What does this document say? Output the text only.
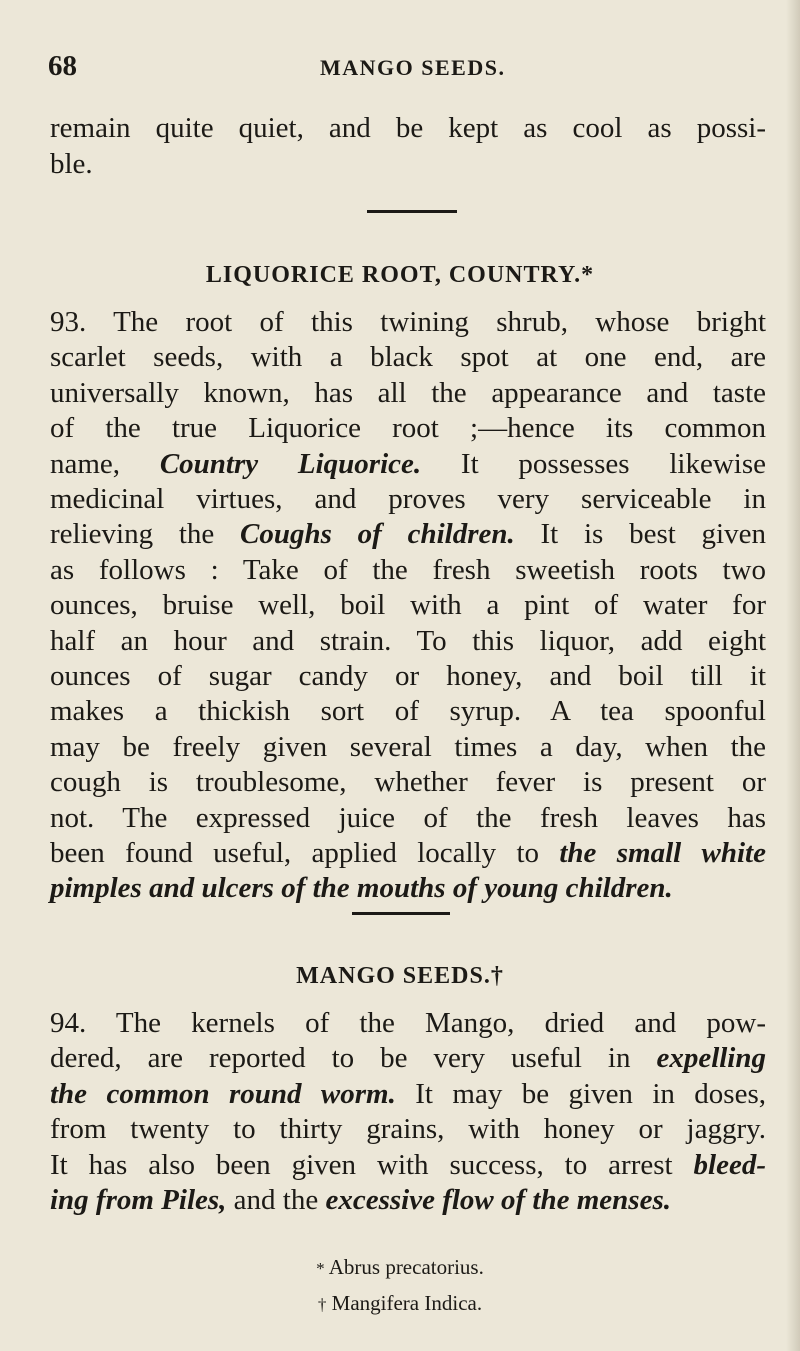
68	MANGO SEEDS.
remain quite quiet, and be kept as cool as possi-
ble.
LIQUORICE ROOT, COUNTRY.*
93. The root of this twining shrub, whose bright
scarlet seeds, with a black spot at one end, are
universally known, has all the appearance and taste
of the true Liquorice root ;—hence its common
name, Country Liquorice. It possesses likewise
medicinal virtues, and proves very serviceable in
relieving the Coughs of children. It is best given
as follows : Take of the fresh sweetish roots two
ounces, bruise well, boil with a pint of water for
half an hour and strain. To this liquor, add eight
ounces of sugar candy or honey, and boil till it
makes a thickish sort of syrup. A tea spoonful
may be freely given several times a day, when the
cough is troublesome, whether fever is present or
not. The expressed juice of the fresh leaves has
been found useful, applied locally to the small white
pimples and ulcers of the mouths of young children.
MANGO SEEDS.†
94. The kernels of the Mango, dried and pow-
dered, are reported to be very useful in expelling
the common round worm. It may be given in doses,
from twenty to thirty grains, with honey or jaggry.
It has also been given with success, to arrest bleed-
ing from Piles, and the excessive flow of the menses.
* Abrus precatorius.
† Mangifera Indica.
